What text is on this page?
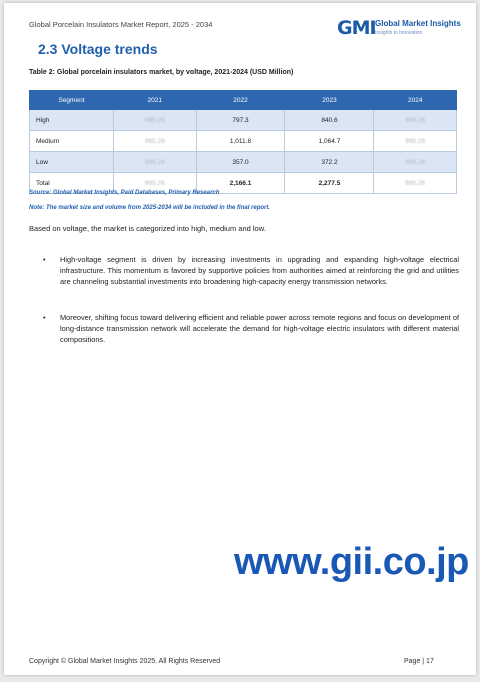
Global Porcelain Insulators Market Report, 2025 - 2034	GMI Global Market Insights
Insights to Innovation
2.3 Voltage trends
Table 2: Global porcelain insulators market, by voltage, 2021-2024 (USD Million)
Segment	2021	2022	2023	2024
High	995.26	797.3	840.6	995.26
Medium	995.26	1,011.8	1,064.7	995.26
Low	995.26	357.0	372.2	995.26
Total	995.26	2,166.1	2,277.5	995.26
Source: Global Market Insights, Paid Databases, Primary Research
Note: The market size and volume from 2025-2034 will be included in the final report.
Based on voltage, the market is categorized into high, medium and low.
•	High-voltage segment is driven by increasing investments in upgrading and expanding high-voltage electrical infrastructure. This momentum is favored by supportive policies from authorities aimed at reinforcing the grid and utilities are channeling substantial investments into broadening high-capacity energy transmission networks.
•	Moreover, shifting focus toward delivering efficient and reliable power across remote regions and focus on development of long-distance transmission network will accelerate the demand for high-voltage electric insulators with different material compositions.
www.gii.co.jp
Copyright © Global Market Insights 2025. All Rights Reserved	Page | 17
